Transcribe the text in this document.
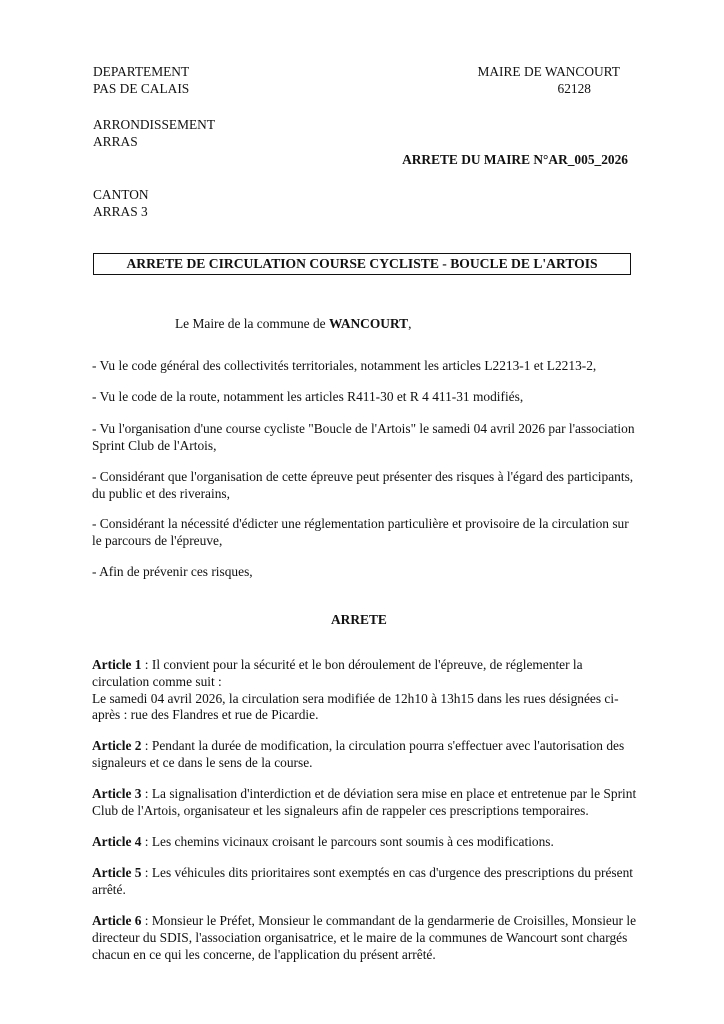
DEPARTEMENT
PAS DE CALAIS
ARRONDISSEMENT
ARRAS
CANTON
ARRAS 3
MAIRE DE WANCOURT
62128
ARRETE DU MAIRE N°AR_005_2026
ARRETE DE CIRCULATION COURSE CYCLISTE - BOUCLE DE L'ARTOIS
Le Maire de la commune de WANCOURT,
- Vu le code général des collectivités territoriales, notamment les articles L2213-1 et L2213-2,
- Vu le code de la route, notamment les articles R411-30 et R 4 411-31 modifiés,
- Vu l'organisation d'une course cycliste "Boucle de l'Artois" le samedi 04 avril 2026 par l'association Sprint Club de l'Artois,
- Considérant que l'organisation de cette épreuve peut présenter des risques à l'égard des participants, du public et des riverains,
- Considérant la nécessité d'édicter une réglementation particulière et provisoire de la circulation sur le parcours de l'épreuve,
- Afin de prévenir ces risques,
ARRETE
Article 1 : Il convient pour la sécurité et le bon déroulement de l'épreuve, de réglementer la circulation comme suit :
Le samedi 04 avril 2026, la circulation sera modifiée de 12h10 à 13h15 dans les rues désignées ci-après : rue des Flandres et rue de Picardie.
Article 2 : Pendant la durée de modification, la circulation pourra s'effectuer avec l'autorisation des signaleurs et ce dans le sens de la course.
Article 3 : La signalisation d'interdiction et de déviation sera mise en place et entretenue par le Sprint Club de l'Artois, organisateur et les signaleurs afin de rappeler ces prescriptions temporaires.
Article 4 : Les chemins vicinaux croisant le parcours sont soumis à ces modifications.
Article 5 : Les véhicules dits prioritaires sont exemptés en cas d'urgence des prescriptions du présent arrêté.
Article 6 : Monsieur le Préfet, Monsieur le commandant de la gendarmerie de Croisilles, Monsieur le directeur du SDIS, l'association organisatrice, et le maire de la communes de Wancourt sont chargés chacun en ce qui les concerne, de l'application du présent arrêté.
